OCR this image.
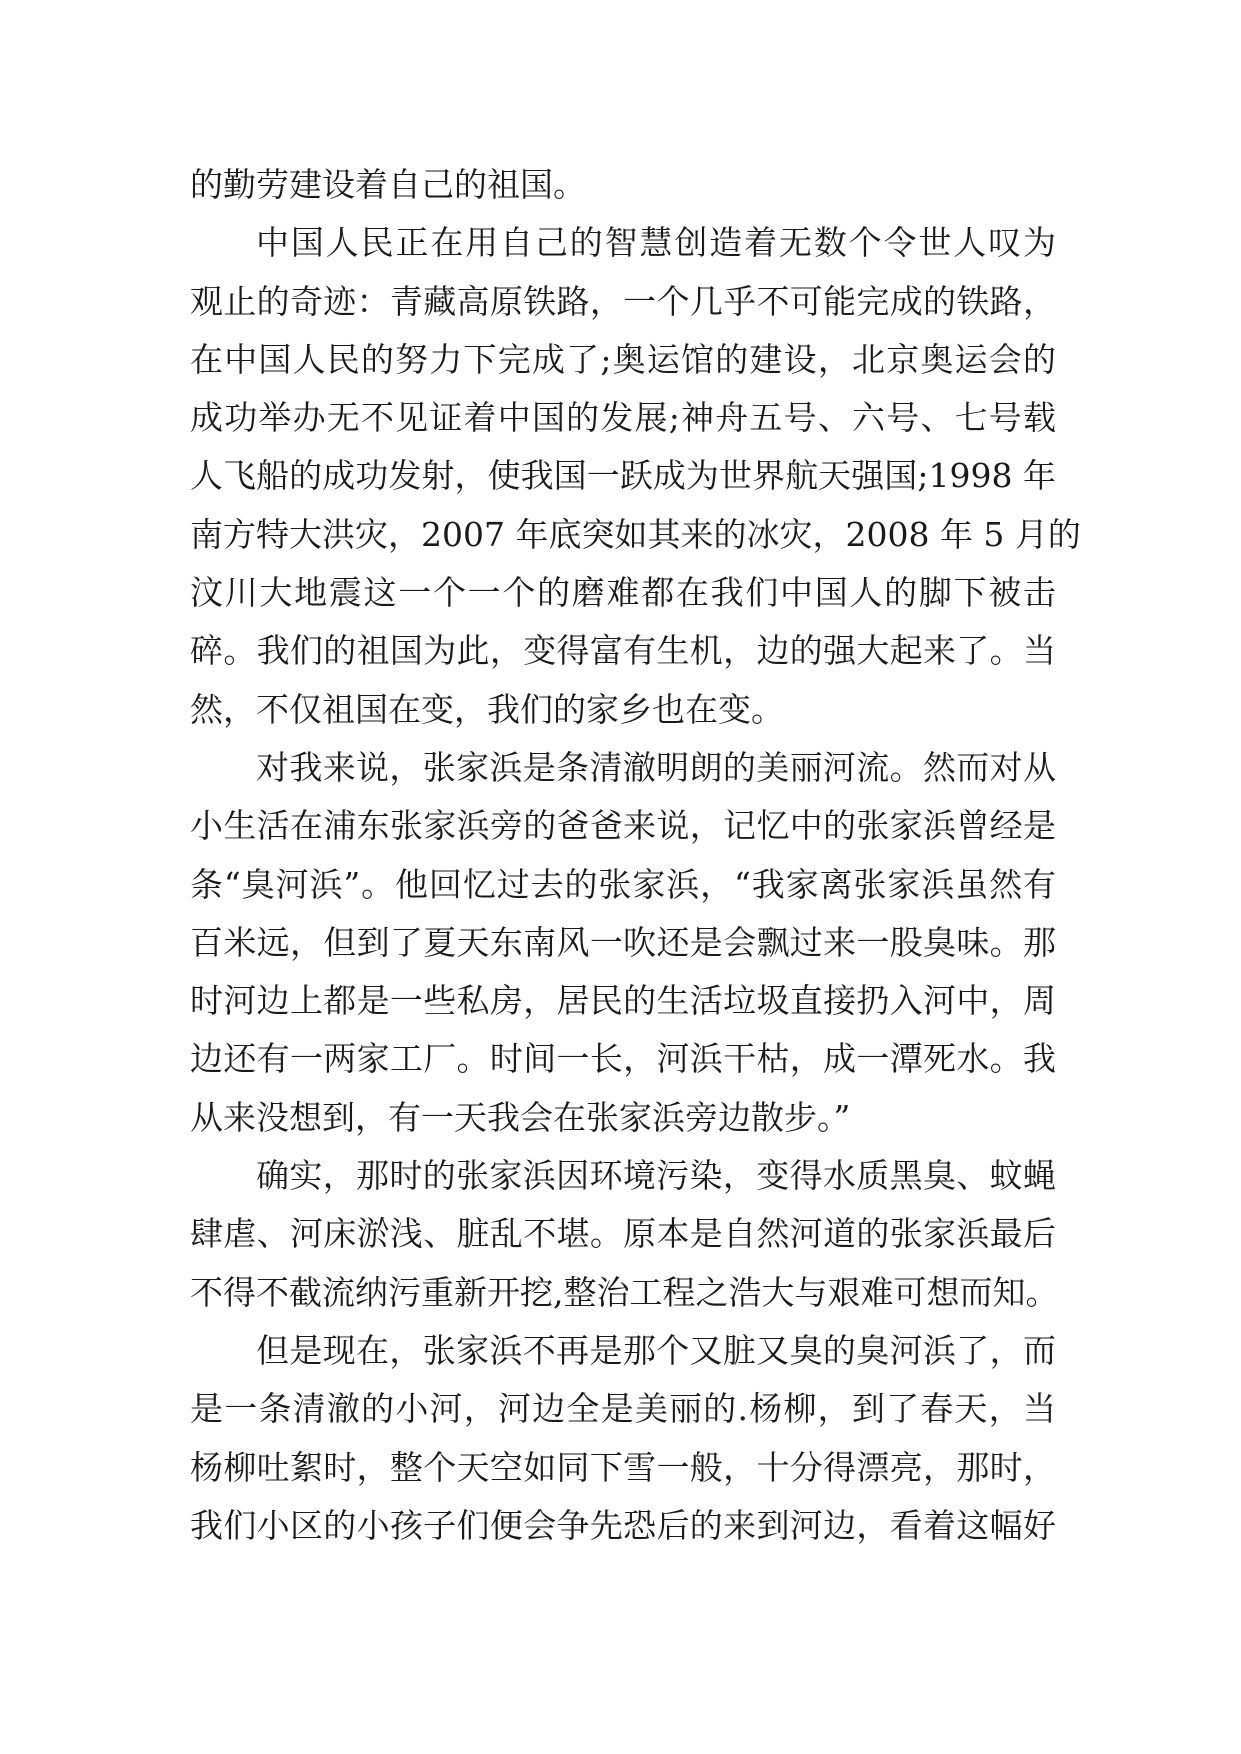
的勤劳建设着自己的祖国。
中国人民正在用自己的智慧创造着无数个令世人叹为
观止的奇迹：青藏高原铁路，一个几乎不可能完成的铁路，
在中国人民的努力下完成了;奥运馆的建设，北京奥运会的
成功举办无不见证着中国的发展;神舟五号、六号、七号载
人飞船的成功发射，使我国一跃成为世界航天强国;1998 年
南方特大洪灾，2007 年底突如其来的冰灾，2008 年 5 月的
汶川大地震这一个一个的磨难都在我们中国人的脚下被击
碎。我们的祖国为此，变得富有生机，边的强大起来了。当
然，不仅祖国在变，我们的家乡也在变。
对我来说，张家浜是条清澈明朗的美丽河流。然而对从
小生活在浦东张家浜旁的爸爸来说，记忆中的张家浜曾经是
条“臭河浜”。他回忆过去的张家浜，“我家离张家浜虽然有
百米远，但到了夏天东南风一吹还是会飘过来一股臭味。那
时河边上都是一些私房，居民的生活垃圾直接扔入河中，周
边还有一两家工厂。时间一长，河浜干枯，成一潭死水。我
从来没想到，有一天我会在张家浜旁边散步。”
确实，那时的张家浜因环境污染，变得水质黑臭、蚊蝇
肆虐、河床淤浅、脏乱不堪。原本是自然河道的张家浜最后
不得不截流纳污重新开挖,整治工程之浩大与艰难可想而知。
但是现在，张家浜不再是那个又脏又臭的臭河浜了，而
是一条清澈的小河，河边全是美丽的.杨柳，到了春天，当
杨柳吐絮时，整个天空如同下雪一般，十分得漂亮，那时，
我们小区的小孩子们便会争先恐后的来到河边，看着这幅好
